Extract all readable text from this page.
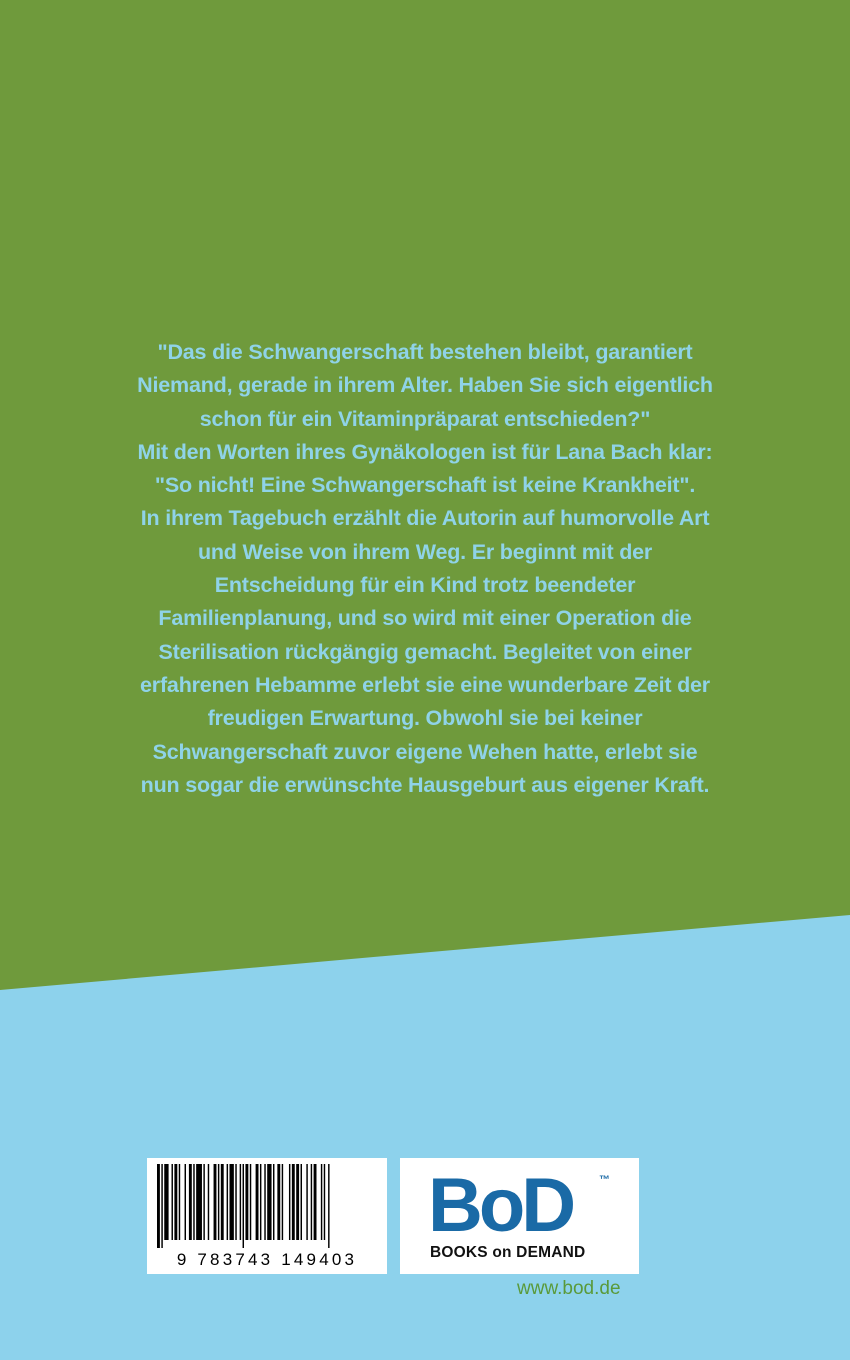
"Das die Schwangerschaft bestehen bleibt, garantiert
Niemand, gerade in ihrem Alter. Haben Sie sich eigentlich
schon für ein Vitaminpräparat entschieden?"
Mit den Worten ihres Gynäkologen ist für Lana Bach klar:
"So nicht! Eine Schwangerschaft ist keine Krankheit".
In ihrem Tagebuch erzählt die Autorin auf humorvolle Art
und Weise von ihrem Weg. Er beginnt mit der
Entscheidung für ein Kind trotz beendeter
Familienplanung, und so wird mit einer Operation die
Sterilisation rückgängig gemacht. Begleitet von einer
erfahrenen Hebamme erlebt sie eine wunderbare Zeit der
freudigen Erwartung. Obwohl sie bei keiner
Schwangerschaft zuvor eigene Wehen hatte, erlebt sie
nun sogar die erwünschte Hausgeburt aus eigener Kraft.
9 783743 149403
BoD ™
BOOKS on DEMAND
www.bod.de
